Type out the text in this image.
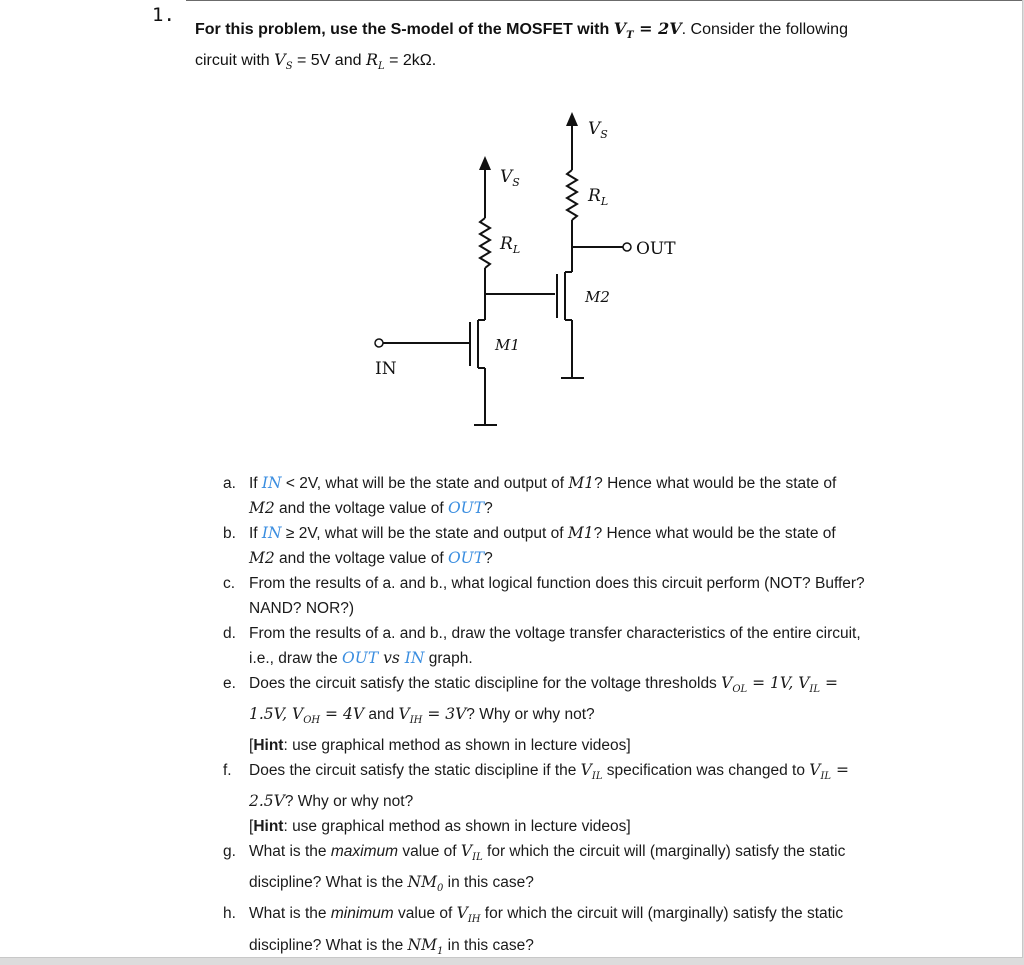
1.
For this problem, use the S-model of the MOSFET with $V_T = 2V$. Consider the following
circuit with $V_S = 5V$ and $R_L = 2k\Omega$.
$V_S$
$V_S$
$R_L$
$R_L$
M1
M2
OUT
IN
a. If IN < 2V, what will be the state and output of M1? Hence what would be the state of M2 and the voltage value of OUT?
b. If IN ≥ 2V, what will be the state and output of M1? Hence what would be the state of M2 and the voltage value of OUT?
c. From the results of a. and b., what logical function does this circuit perform (NOT? Buffer? NAND? NOR?)
d. From the results of a. and b., draw the voltage transfer characteristics of the entire circuit, i.e., draw the OUT vs IN graph.
e. Does the circuit satisfy the static discipline for the voltage thresholds $V_{OL} = 1V$, $V_{IL} = 1.5V$, $V_{OH} = 4V$ and $V_{IH} = 3V$? Why or why not?
[Hint: use graphical method as shown in lecture videos]
f. Does the circuit satisfy the static discipline if the $V_{IL}$ specification was changed to $V_{IL} = 2.5V$? Why or why not?
[Hint: use graphical method as shown in lecture videos]
g. What is the maximum value of $V_{IL}$ for which the circuit will (marginally) satisfy the static discipline? What is the $NM_0$ in this case?
h. What is the minimum value of $V_{IH}$ for which the circuit will (marginally) satisfy the static discipline? What is the $NM_1$ in this case?
